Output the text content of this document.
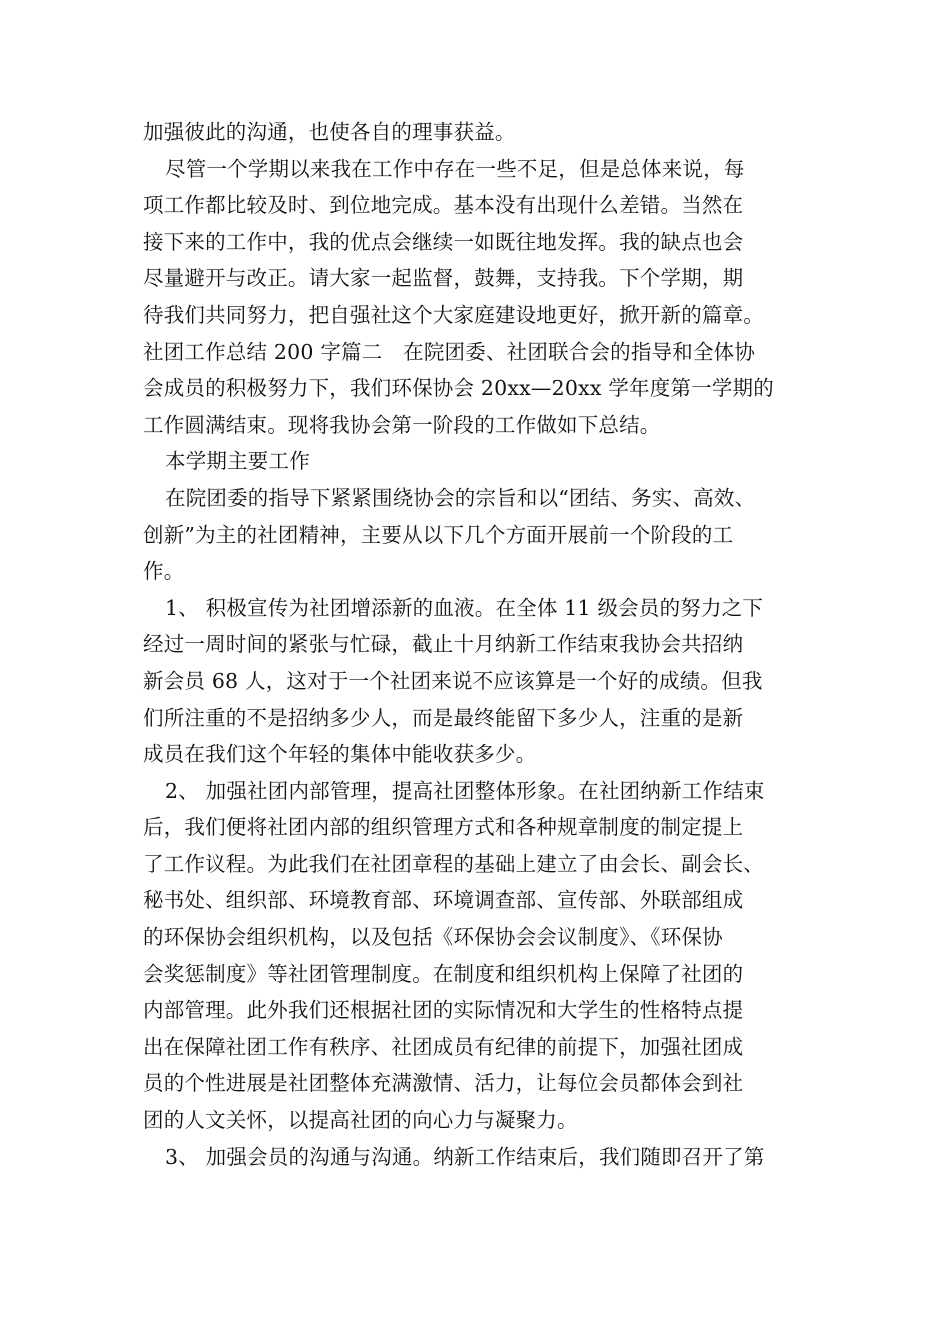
加强彼此的沟通，也使各自的理事获益。
尽管一个学期以来我在工作中存在一些不足，但是总体来说，每
项工作都比较及时、到位地完成。基本没有出现什么差错。当然在
接下来的工作中，我的优点会继续一如既往地发挥。我的缺点也会
尽量避开与改正。请大家一起监督，鼓舞，支持我。下个学期，期
待我们共同努力，把自强社这个大家庭建设地更好，掀开新的篇章。
社团工作总结 200 字篇二　在院团委、社团联合会的指导和全体协
会成员的积极努力下，我们环保协会 20xx—20xx 学年度第一学期的
工作圆满结束。现将我协会第一阶段的工作做如下总结。
本学期主要工作
在院团委的指导下紧紧围绕协会的宗旨和以“团结、务实、高效、
创新”为主的社团精神，主要从以下几个方面开展前一个阶段的工
作。
1、 积极宣传为社团增添新的血液。在全体 11 级会员的努力之下
经过一周时间的紧张与忙碌，截止十月纳新工作结束我协会共招纳
新会员 68 人，这对于一个社团来说不应该算是一个好的成绩。但我
们所注重的不是招纳多少人，而是最终能留下多少人，注重的是新
成员在我们这个年轻的集体中能收获多少。
2、 加强社团内部管理，提高社团整体形象。在社团纳新工作结束
后，我们便将社团内部的组织管理方式和各种规章制度的制定提上
了工作议程。为此我们在社团章程的基础上建立了由会长、副会长、
秘书处、组织部、环境教育部、环境调查部、宣传部、外联部组成
的环保协会组织机构，以及包括《环保协会会议制度》、《环保协
会奖惩制度》等社团管理制度。在制度和组织机构上保障了社团的
内部管理。此外我们还根据社团的实际情况和大学生的性格特点提
出在保障社团工作有秩序、社团成员有纪律的前提下，加强社团成
员的个性进展是社团整体充满激情、活力，让每位会员都体会到社
团的人文关怀，以提高社团的向心力与凝聚力。
3、 加强会员的沟通与沟通。纳新工作结束后，我们随即召开了第
